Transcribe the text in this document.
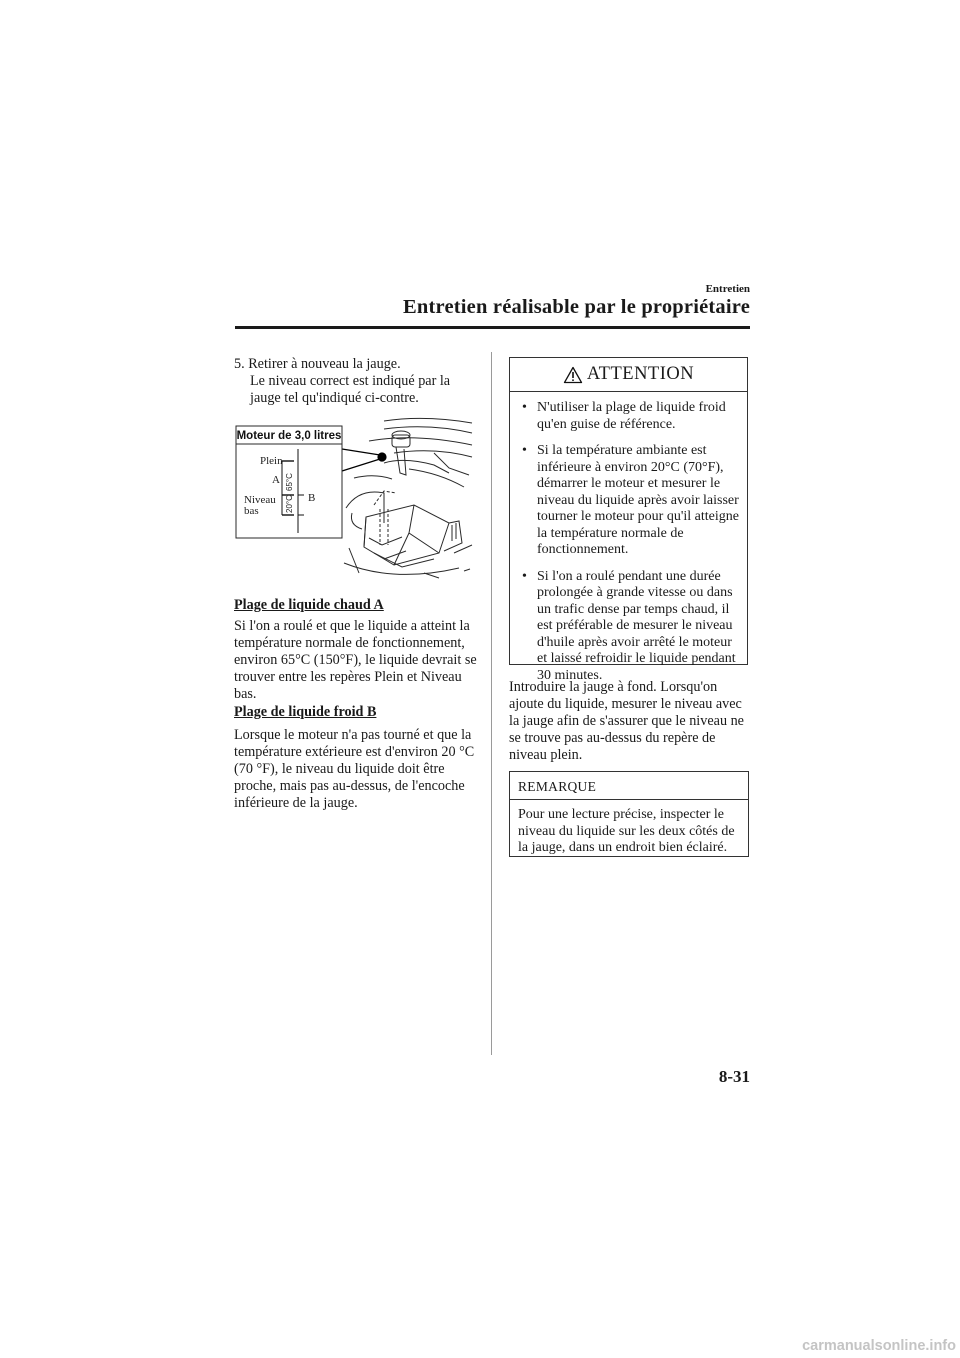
Entretien
Entretien réalisable par le propriétaire
5. Retirer à nouveau la jauge.
Le niveau correct est indiqué par la jauge tel qu'indiqué ci-contre.
Moteur de 3,0 litres
Plein
A
Niveau
bas
B
20°C
65°C
Plage de liquide chaud A
Si l'on a roulé et que le liquide a atteint la température normale de fonctionnement, environ 65°C (150°F), le liquide devrait se trouver entre les repères Plein et Niveau bas.
Plage de liquide froid B
Lorsque le moteur n'a pas tourné et que la température extérieure est d'environ 20 °C (70 °F), le niveau du liquide doit être proche, mais pas au-dessus, de l'encoche inférieure de la jauge.
ATTENTION
• N'utiliser la plage de liquide froid qu'en guise de référence.
• Si la température ambiante est inférieure à environ 20°C (70°F), démarrer le moteur et mesurer le niveau du liquide après avoir laisser tourner le moteur pour qu'il atteigne la température normale de fonctionnement.
• Si l'on a roulé pendant une durée prolongée à grande vitesse ou dans un trafic dense par temps chaud, il est préférable de mesurer le niveau d'huile après avoir arrêté le moteur et laissé refroidir le liquide pendant 30 minutes.
Introduire la jauge à fond. Lorsqu'on ajoute du liquide, mesurer le niveau avec la jauge afin de s'assurer que le niveau ne se trouve pas au-dessus du repère de niveau plein.
REMARQUE
Pour une lecture précise, inspecter le niveau du liquide sur les deux côtés de la jauge, dans un endroit bien éclairé.
8-31
carmanualsonline.info
